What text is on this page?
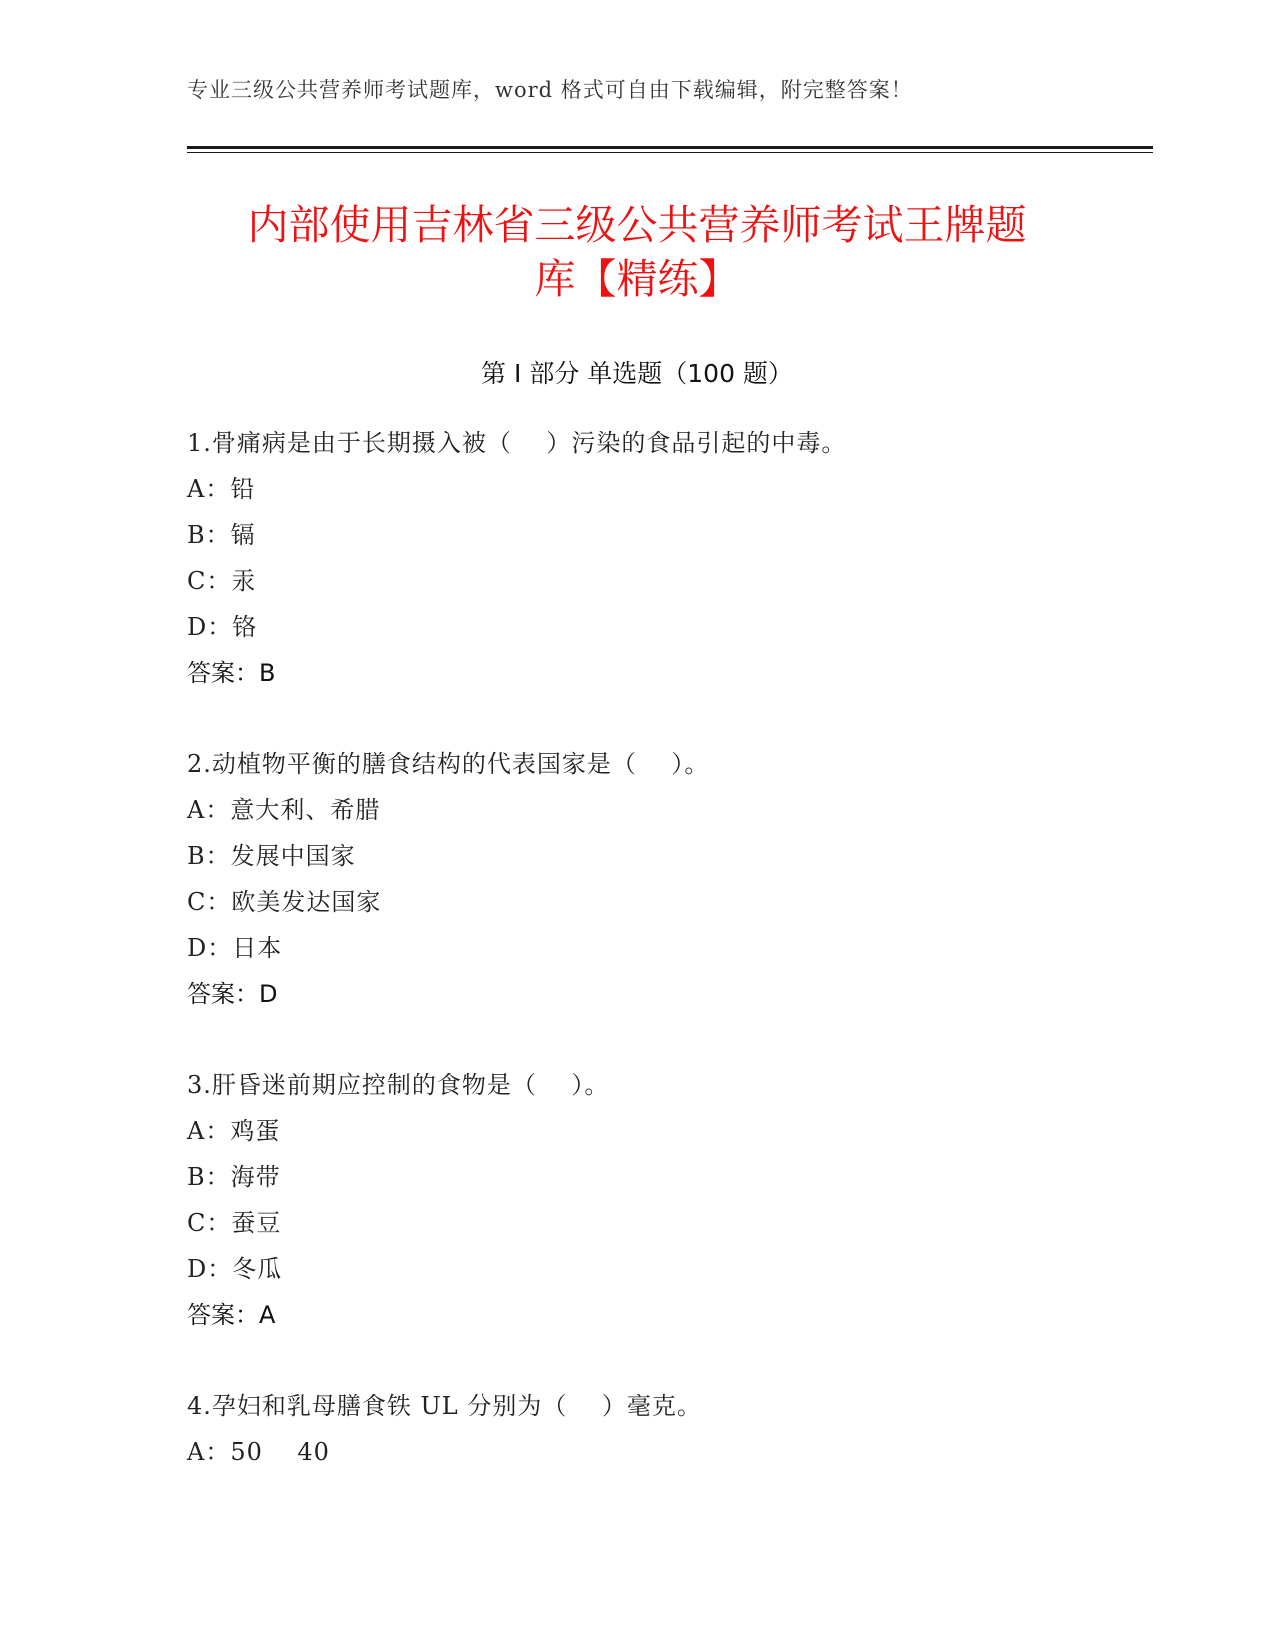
专业三级公共营养师考试题库，word 格式可自由下载编辑，附完整答案！
内部使用吉林省三级公共营养师考试王牌题
库【精练】
第 I 部分 单选题（100 题）
1.骨痛病是由于长期摄入被（    ）污染的食品引起的中毒。
A：铅
B：镉
C：汞
D：铬
答案：B
2.动植物平衡的膳食结构的代表国家是（    ）。
A：意大利、希腊
B：发展中国家
C：欧美发达国家
D：日本
答案：D
3.肝昏迷前期应控制的食物是（    ）。
A：鸡蛋
B：海带
C：蚕豆
D：冬瓜
答案：A
4.孕妇和乳母膳食铁 UL 分别为（    ）毫克。
A：50    40
